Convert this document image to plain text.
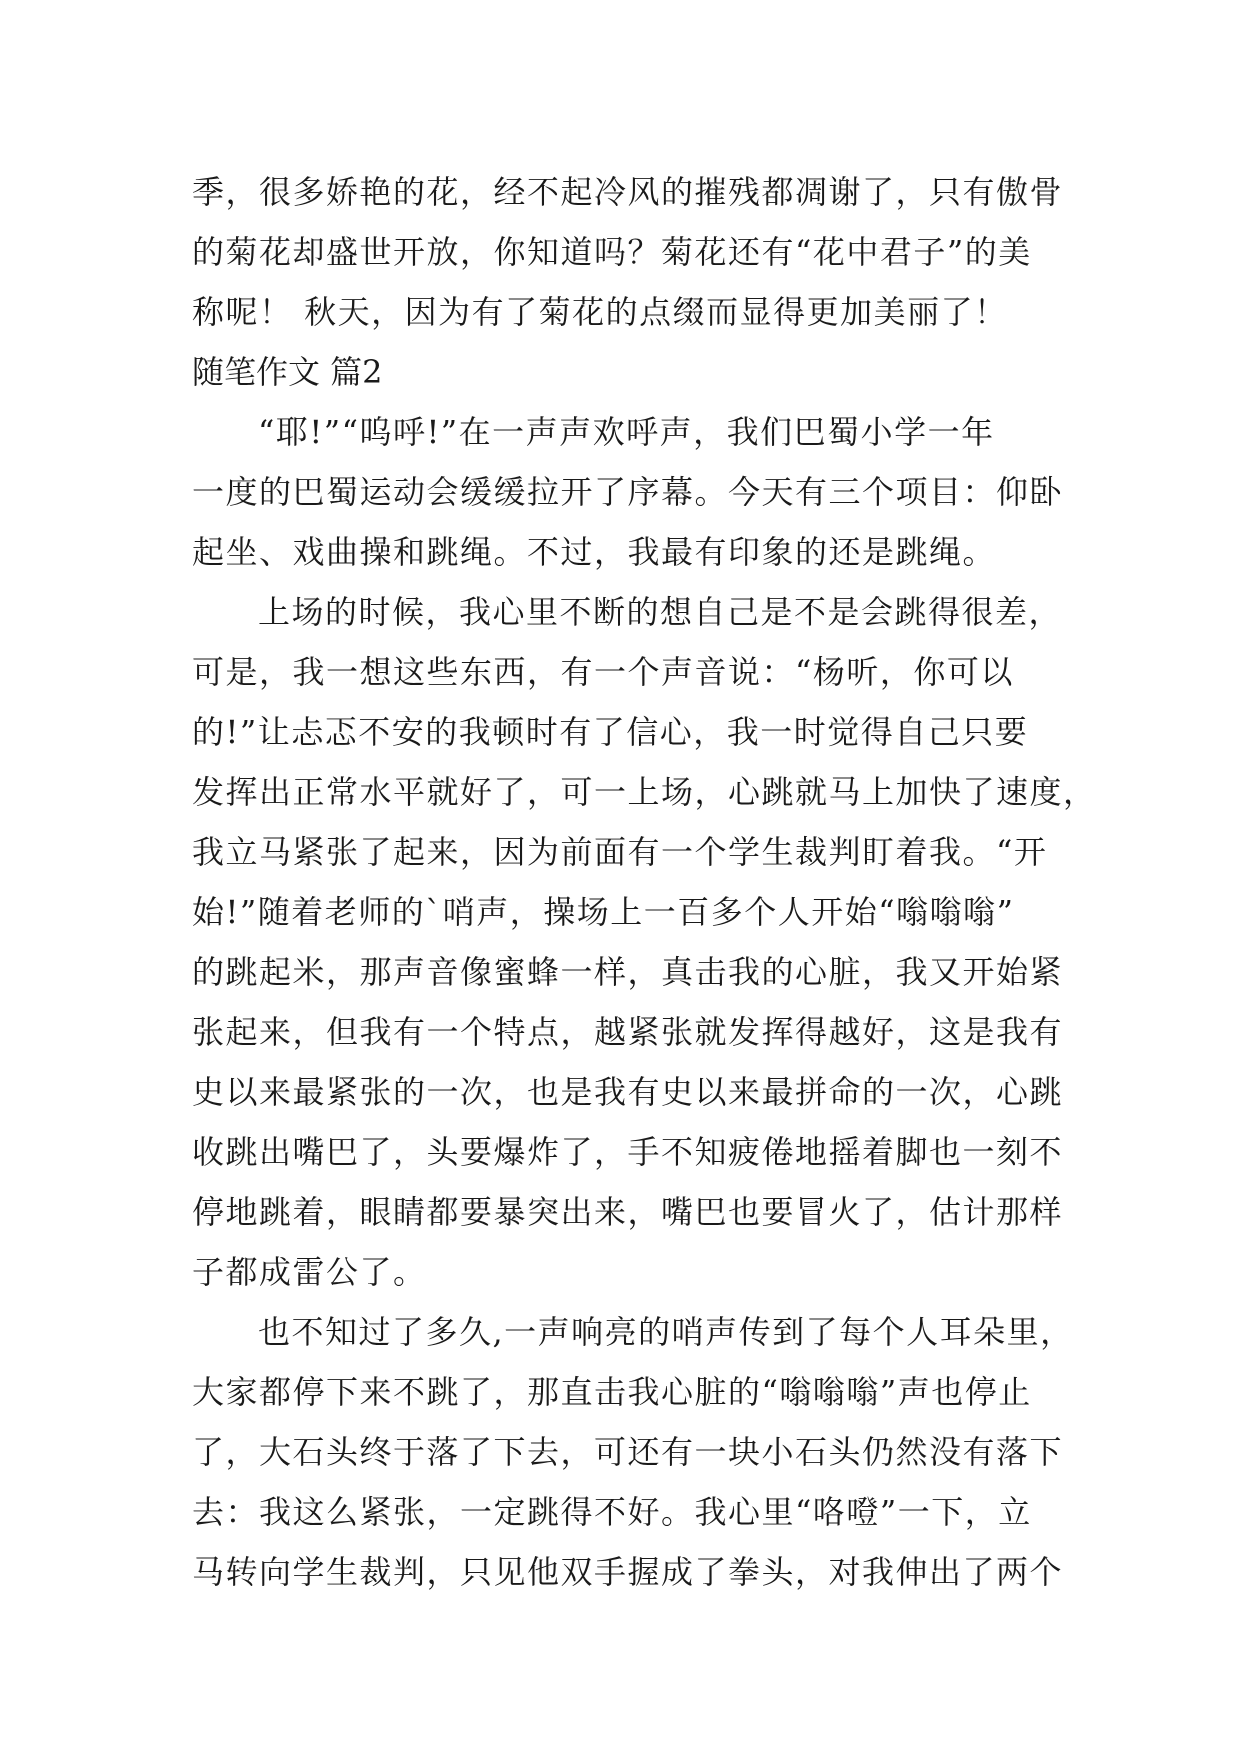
季，很多娇艳的花，经不起冷风的摧残都凋谢了，只有傲骨
的菊花却盛世开放，你知道吗？菊花还有“花中君子”的美
称呢！ 秋天，因为有了菊花的点缀而显得更加美丽了！
随笔作文 篇2
“耶!”“呜呼!”在一声声欢呼声，我们巴蜀小学一年
一度的巴蜀运动会缓缓拉开了序幕。今天有三个项目：仰卧
起坐、戏曲操和跳绳。不过，我最有印象的还是跳绳。
上场的时候，我心里不断的想自己是不是会跳得很差，
可是，我一想这些东西，有一个声音说：“杨听，你可以
的!”让忐忑不安的我顿时有了信心，我一时觉得自己只要
发挥出正常水平就好了，可一上场，心跳就马上加快了速度，
我立马紧张了起来，因为前面有一个学生裁判盯着我。“开
始!”随着老师的`哨声，操场上一百多个人开始“嗡嗡嗡”
的跳起米，那声音像蜜蜂一样，真击我的心脏，我又开始紧
张起来，但我有一个特点，越紧张就发挥得越好，这是我有
史以来最紧张的一次，也是我有史以来最拼命的一次，心跳
收跳出嘴巴了，头要爆炸了，手不知疲倦地摇着脚也一刻不
停地跳着，眼睛都要暴突出来，嘴巴也要冒火了，估计那样
子都成雷公了。
也不知过了多久,一声响亮的哨声传到了每个人耳朵里，
大家都停下来不跳了，那直击我心脏的“嗡嗡嗡”声也停止
了，大石头终于落了下去，可还有一块小石头仍然没有落下
去：我这么紧张，一定跳得不好。我心里“咯噔”一下，立
马转向学生裁判，只见他双手握成了拳头，对我伸出了两个
